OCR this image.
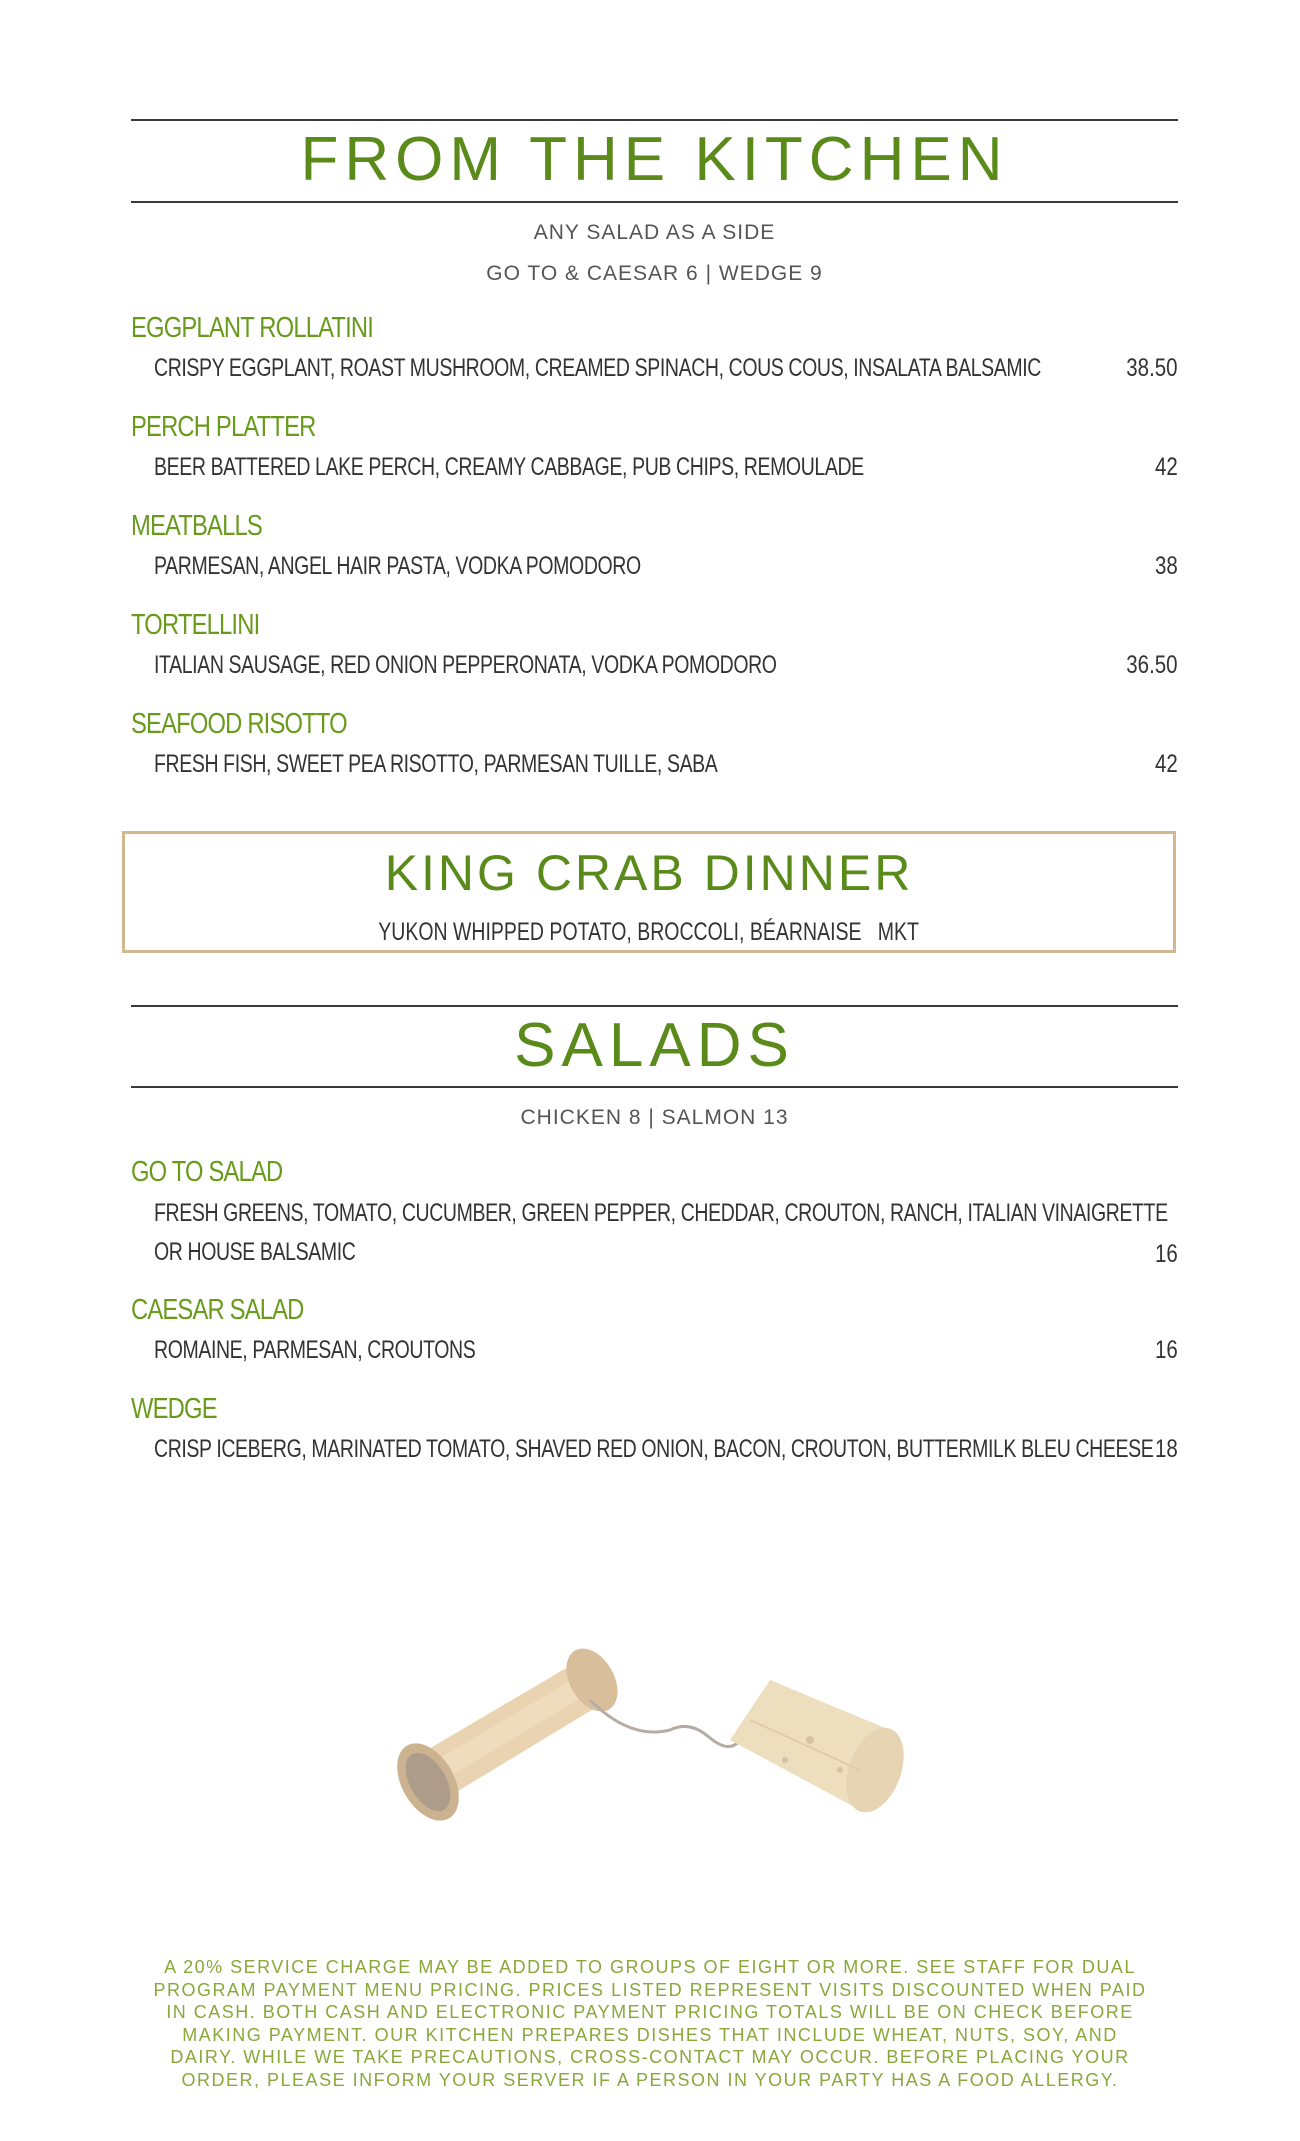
FROM THE KITCHEN
ANY SALAD AS A SIDE
GO TO & CAESAR 6 | WEDGE 9
EGGPLANT ROLLATINI
CRISPY EGGPLANT, ROAST MUSHROOM, CREAMED SPINACH, COUS COUS, INSALATA BALSAMIC	38.50
PERCH PLATTER
BEER BATTERED LAKE PERCH, CREAMY CABBAGE, PUB CHIPS, REMOULADE	42
MEATBALLS
PARMESAN, ANGEL HAIR PASTA, VODKA POMODORO	38
TORTELLINI
ITALIAN SAUSAGE, RED ONION PEPPERONATA, VODKA POMODORO	36.50
SEAFOOD RISOTTO
FRESH FISH, SWEET PEA RISOTTO, PARMESAN TUILLE, SABA	42
KING CRAB DINNER
YUKON WHIPPED POTATO, BROCCOLI, BÉARNAISE   MKT
SALADS
CHICKEN 8 | SALMON 13
GO TO SALAD
FRESH GREENS, TOMATO, CUCUMBER, GREEN PEPPER, CHEDDAR, CROUTON, RANCH, ITALIAN VINAIGRETTE OR HOUSE BALSAMIC	16
CAESAR SALAD
ROMAINE, PARMESAN, CROUTONS	16
WEDGE
CRISP ICEBERG, MARINATED TOMATO, SHAVED RED ONION, BACON, CROUTON, BUTTERMILK BLEU CHEESE 18
A 20% SERVICE CHARGE MAY BE ADDED TO GROUPS OF EIGHT OR MORE. SEE STAFF FOR DUAL PROGRAM PAYMENT MENU PRICING. PRICES LISTED REPRESENT VISITS DISCOUNTED WHEN PAID IN CASH. BOTH CASH AND ELECTRONIC PAYMENT PRICING TOTALS WILL BE ON CHECK BEFORE MAKING PAYMENT. OUR KITCHEN PREPARES DISHES THAT INCLUDE WHEAT, NUTS, SOY, AND DAIRY. WHILE WE TAKE PRECAUTIONS, CROSS-CONTACT MAY OCCUR. BEFORE PLACING YOUR ORDER, PLEASE INFORM YOUR SERVER IF A PERSON IN YOUR PARTY HAS A FOOD ALLERGY.
